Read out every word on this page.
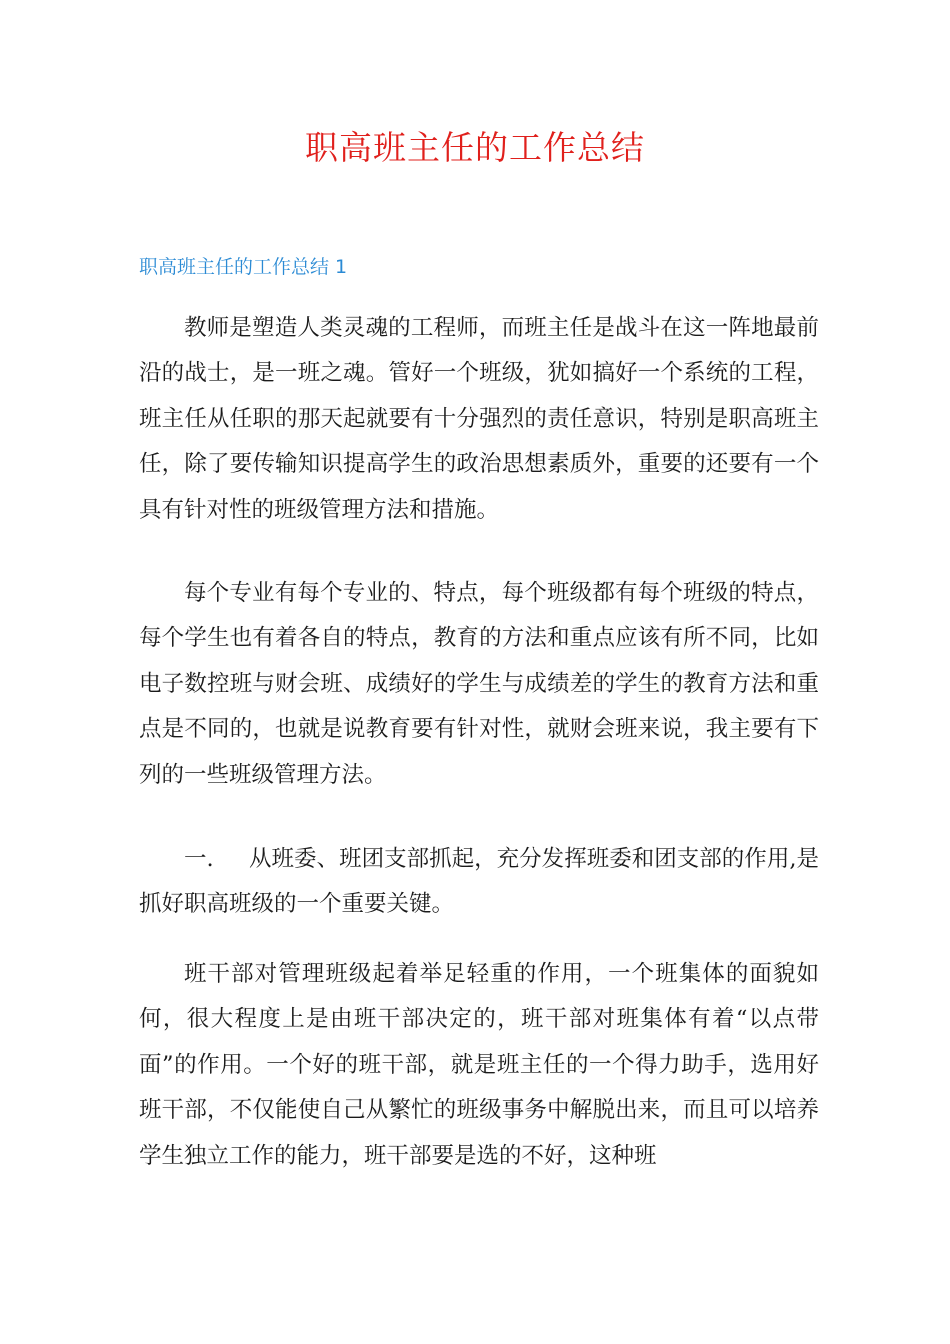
职高班主任的工作总结
职高班主任的工作总结 1

教师是塑造人类灵魂的工程师，而班主任是战斗在这一阵地最前沿的战士，是一班之魂。管好一个班级，犹如搞好一个系统的工程，班主任从任职的那天起就要有十分强烈的责任意识，特别是职高班主任，除了要传输知识提高学生的政治思想素质外，重要的还要有一个具有针对性的班级管理方法和措施。

每个专业有每个专业的、特点，每个班级都有每个班级的特点，每个学生也有着各自的特点，教育的方法和重点应该有所不同，比如电子数控班与财会班、成绩好的学生与成绩差的学生的教育方法和重点是不同的，也就是说教育要有针对性，就财会班来说，我主要有下列的一些班级管理方法。

一. 从班委、班团支部抓起，充分发挥班委和团支部的作用,是抓好职高班级的一个重要关键。

班干部对管理班级起着举足轻重的作用，一个班集体的面貌如何，很大程度上是由班干部决定的，班干部对班集体有着“以点带面”的作用。一个好的班干部，就是班主任的一个得力助手，选用好班干部，不仅能使自己从繁忙的班级事务中解脱出来，而且可以培养学生独立工作的能力，班干部要是选的不好，这种班
